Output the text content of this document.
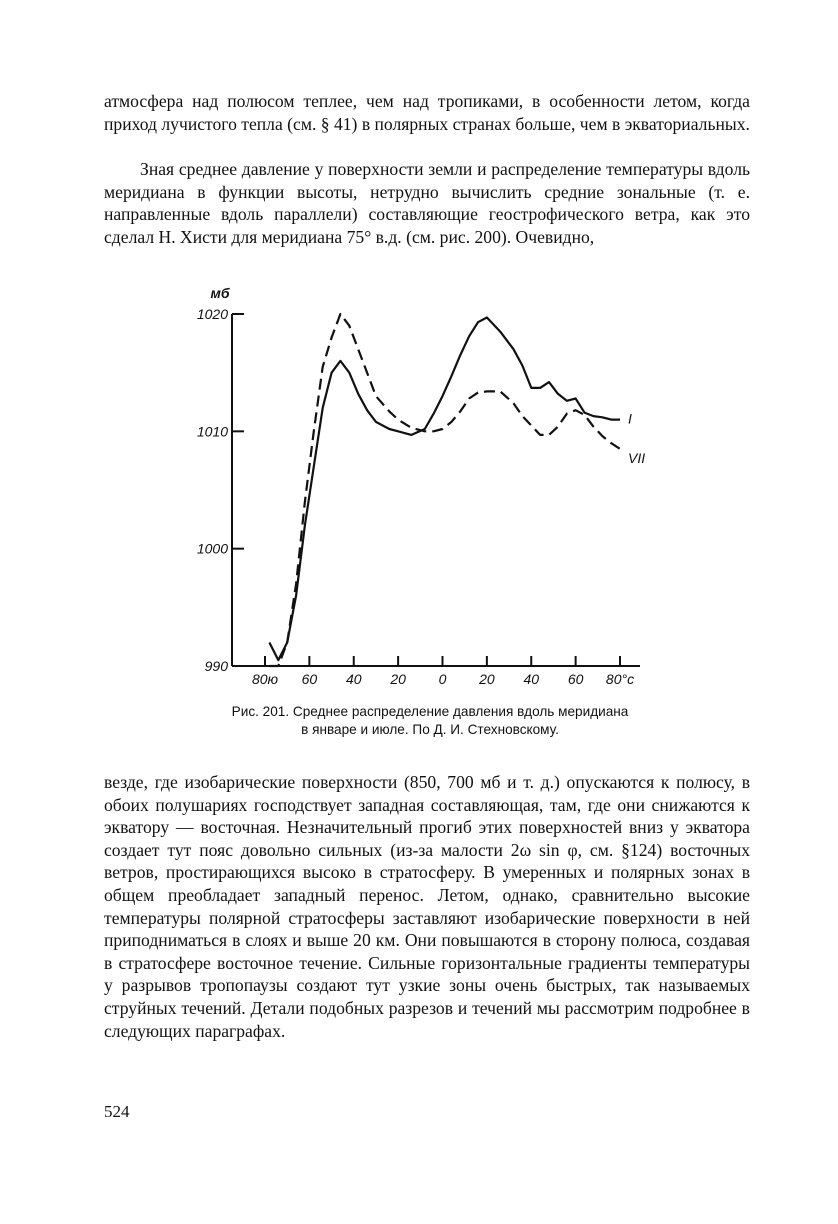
атмосфера над полюсом теплее, чем над тропиками, в особенности летом, когда приход лучистого тепла (см. § 41) в полярных странах больше, чем в экваториальных.

Зная среднее давление у поверхности земли и распределение температуры вдоль меридиана в функции высоты, нетрудно вычислить средние зональные (т. е. направленные вдоль параллели) составляющие геострофического ветра, как это сделал Н. Хисти для меридиана 75° в.д. (см. рис. 200). Очевидно,

990
1000
1010
1020
мб
80ю 60 40 20 0 20 40 60 80°с
I
VII
Рис. 201. Среднее распределение давления вдоль меридиана
в январе и июле. По Д. И. Стехновскому.

везде, где изобарические поверхности (850, 700 мб и т. д.) опускаются к полюсу, в обоих полушариях господствует западная составляющая, там, где они снижаются к экватору — восточная. Незначительный прогиб этих поверхностей вниз у экватора создает тут пояс довольно сильных (из-за малости 2ω sin φ, см. §124) восточных ветров, простирающихся высоко в стратосферу. В умеренных и полярных зонах в общем преобладает западный перенос. Летом, однако, сравнительно высокие температуры полярной стратосферы заставляют изобарические поверхности в ней приподниматься в слоях и выше 20 км. Они повышаются в сторону полюса, создавая в стратосфере восточное течение. Сильные горизонтальные градиенты температуры у разрывов тропопаузы создают тут узкие зоны очень быстрых, так называемых струйных течений. Детали подобных разрезов и течений мы рассмотрим подробнее в следующих параграфах.

524
